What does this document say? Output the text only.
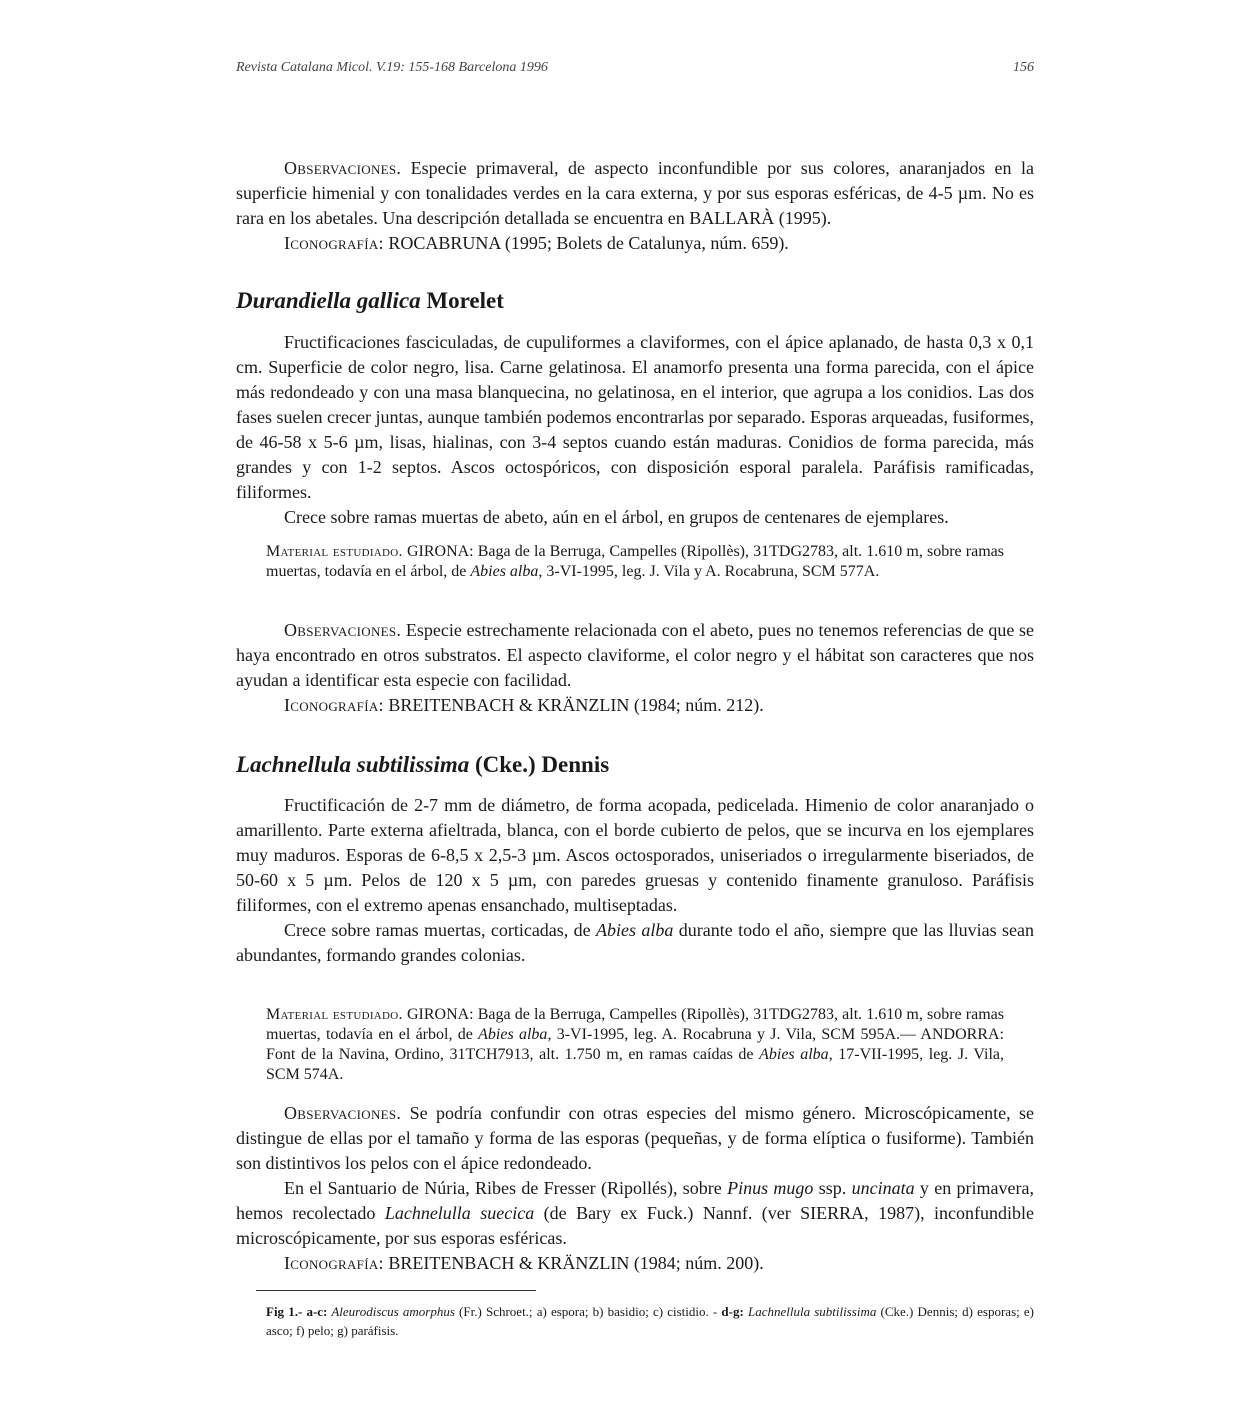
Revista Catalana Micol. V.19: 155-168 Barcelona 1996	156

Observaciones. Especie primaveral, de aspecto inconfundible por sus colores, anaranjados en la superficie himenial y con tonalidades verdes en la cara externa, y por sus esporas esféricas, de 4-5 µm. No es rara en los abetales. Una descripción detallada se encuentra en BALLARÀ (1995).

Iconografía: ROCABRUNA (1995; Bolets de Catalunya, núm. 659).

Durandiella gallica Morelet

Fructificaciones fasciculadas, de cupuliformes a claviformes, con el ápice aplanado, de hasta 0,3 x 0,1 cm. Superficie de color negro, lisa. Carne gelatinosa. El anamorfo presenta una forma parecida, con el ápice más redondeado y con una masa blanquecina, no gelatinosa, en el interior, que agrupa a los conidios. Las dos fases suelen crecer juntas, aunque también podemos encontrarlas por separado. Esporas arqueadas, fusiformes, de 46-58 x 5-6 µm, lisas, hialinas, con 3-4 septos cuando están maduras. Conidios de forma parecida, más grandes y con 1-2 septos. Ascos octospóricos, con disposición esporal paralela. Paráfisis ramificadas, filiformes.

Crece sobre ramas muertas de abeto, aún en el árbol, en grupos de centenares de ejemplares.

Material estudiado. GIRONA: Baga de la Berruga, Campelles (Ripollès), 31TDG2783, alt. 1.610 m, sobre ramas muertas, todavía en el árbol, de Abies alba, 3-VI-1995, leg. J. Vila y A. Rocabruna, SCM 577A.

Observaciones. Especie estrechamente relacionada con el abeto, pues no tenemos referencias de que se haya encontrado en otros substratos. El aspecto claviforme, el color negro y el hábitat son caracteres que nos ayudan a identificar esta especie con facilidad.

Iconografía: BREITENBACH & KRÄNZLIN (1984; núm. 212).

Lachnellula subtilissima (Cke.) Dennis

Fructificación de 2-7 mm de diámetro, de forma acopada, pedicelada. Himenio de color anaranjado o amarillento. Parte externa afieltrada, blanca, con el borde cubierto de pelos, que se incurva en los ejemplares muy maduros. Esporas de 6-8,5 x 2,5-3 µm. Ascos octosporados, uniseriados o irregularmente biseriados, de 50-60 x 5 µm. Pelos de 120 x 5 µm, con paredes gruesas y contenido finamente granuloso. Paráfisis filiformes, con el extremo apenas ensanchado, multiseptadas.

Crece sobre ramas muertas, corticadas, de Abies alba durante todo el año, siempre que las lluvias sean abundantes, formando grandes colonias.

Material estudiado. GIRONA: Baga de la Berruga, Campelles (Ripollès), 31TDG2783, alt. 1.610 m, sobre ramas muertas, todavía en el árbol, de Abies alba, 3-VI-1995, leg. A. Rocabruna y J. Vila, SCM 595A.— ANDORRA: Font de la Navina, Ordino, 31TCH7913, alt. 1.750 m, en ramas caídas de Abies alba, 17-VII-1995, leg. J. Vila, SCM 574A.

Observaciones. Se podría confundir con otras especies del mismo género. Microscópicamente, se distingue de ellas por el tamaño y forma de las esporas (pequeñas, y de forma elíptica o fusiforme). También son distintivos los pelos con el ápice redondeado.

En el Santuario de Núria, Ribes de Fresser (Ripollés), sobre Pinus mugo ssp. uncinata y en primavera, hemos recolectado Lachnelulla suecica (de Bary ex Fuck.) Nannf. (ver SIERRA, 1987), inconfundible microscópicamente, por sus esporas esféricas.

Iconografía: BREITENBACH & KRÄNZLIN (1984; núm. 200).

Fig 1.- a-c: Aleurodiscus amorphus (Fr.) Schroet.; a) espora; b) basidio; c) cistidio. - d-g: Lachnellula subtilissima (Cke.) Dennis; d) esporas; e) asco; f) pelo; g) paráfisis.
